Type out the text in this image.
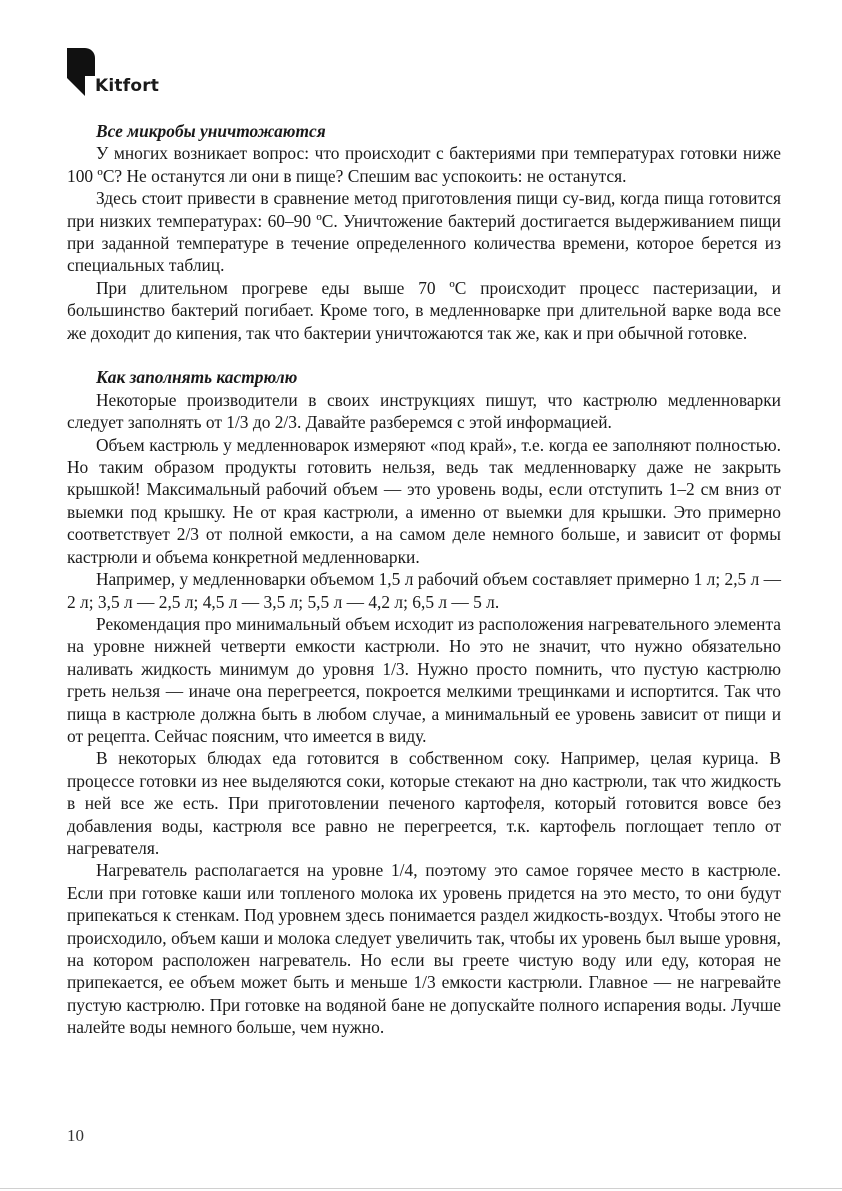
Kitfort

Все микробы уничтожаются

У многих возникает вопрос: что происходит с бактериями при температурах готовки ниже 100 ºС? Не останутся ли они в пище? Спешим вас успокоить: не останутся.

Здесь стоит привести в сравнение метод приготовления пищи су-вид, когда пища готовится при низких температурах: 60–90 ºС. Уничтожение бактерий достигается выдерживанием пищи при заданной температуре в течение определенного количества времени, которое берется из специальных таблиц.

При длительном прогреве еды выше 70 ºС происходит процесс пастеризации, и большинство бактерий погибает. Кроме того, в медленноварке при длительной варке вода все же доходит до кипения, так что бактерии уничтожаются так же, как и при обычной готовке.

Как заполнять кастрюлю

Некоторые производители в своих инструкциях пишут, что кастрюлю медленноварки следует заполнять от 1/3 до 2/3. Давайте разберемся с этой информацией.

Объем кастрюль у медленноварок измеряют «под край», т.е. когда ее заполняют полностью. Но таким образом продукты готовить нельзя, ведь так медленноварку даже не закрыть крышкой! Максимальный рабочий объем — это уровень воды, если отступить 1–2 см вниз от выемки под крышку. Не от края кастрюли, а именно от выемки для крышки. Это примерно соответствует 2/3 от полной емкости, а на самом деле немного больше, и зависит от формы кастрюли и объема конкретной медленноварки.

Например, у медленноварки объемом 1,5 л рабочий объем составляет примерно 1 л; 2,5 л — 2 л; 3,5 л — 2,5 л; 4,5 л — 3,5 л; 5,5 л — 4,2 л; 6,5 л — 5 л.

Рекомендация про минимальный объем исходит из расположения нагревательного элемента на уровне нижней четверти емкости кастрюли. Но это не значит, что нужно обязательно наливать жидкость минимум до уровня 1/3. Нужно просто помнить, что пустую кастрюлю греть нельзя — иначе она перегреется, покроется мелкими трещинками и испортится. Так что пища в кастрюле должна быть в любом случае, а минимальный ее уровень зависит от пищи и от рецепта. Сейчас поясним, что имеется в виду.

В некоторых блюдах еда готовится в собственном соку. Например, целая курица. В процессе готовки из нее выделяются соки, которые стекают на дно кастрюли, так что жидкость в ней все же есть. При приготовлении печеного картофеля, который готовится вовсе без добавления воды, кастрюля все равно не перегреется, т.к. картофель поглощает тепло от нагревателя.

Нагреватель располагается на уровне 1/4, поэтому это самое горячее место в кастрюле. Если при готовке каши или топленого молока их уровень придется на это место, то они будут припекаться к стенкам. Под уровнем здесь понимается раздел жидкость-воздух. Чтобы этого не происходило, объем каши и молока следует увеличить так, чтобы их уровень был выше уровня, на котором расположен нагреватель. Но если вы греете чистую воду или еду, которая не припекается, ее объем может быть и меньше 1/3 емкости кастрюли. Главное — не нагревайте пустую кастрюлю. При готовке на водяной бане не допускайте полного испарения воды. Лучше налейте воды немного больше, чем нужно.

10
